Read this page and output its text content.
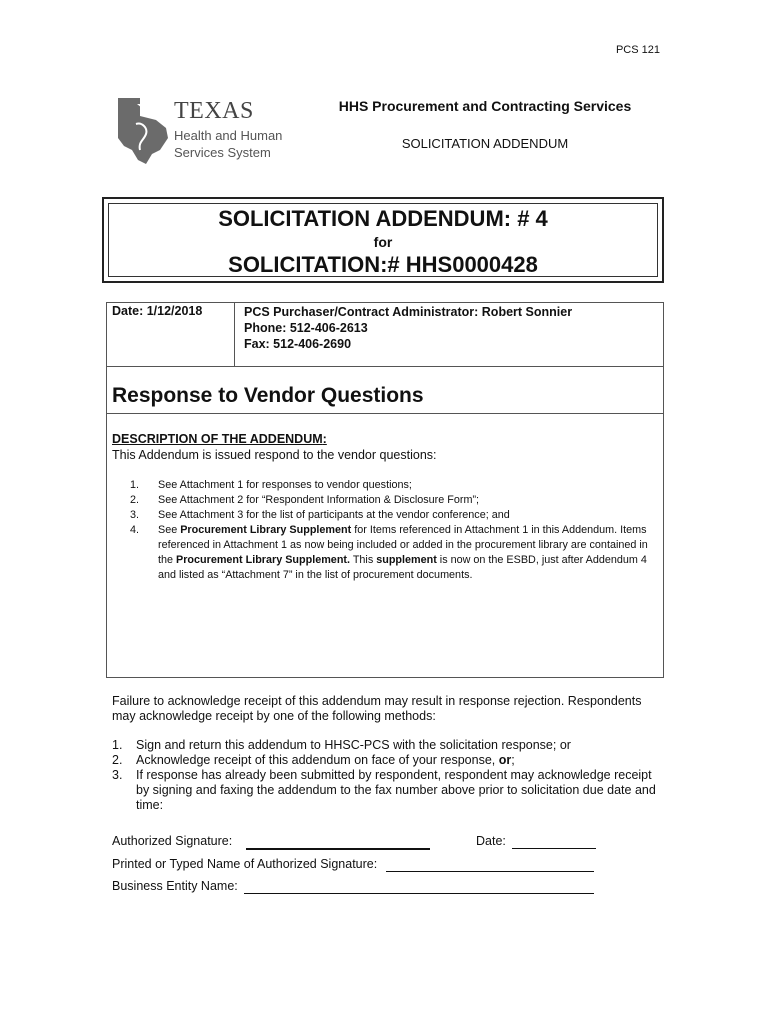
PCS 121
TEXAS
Health and Human
Services System
HHS Procurement and Contracting Services
SOLICITATION ADDENDUM
SOLICITATION ADDENDUM: # 4
for
SOLICITATION:# HHS0000428
Date: 1/12/2018	PCS Purchaser/Contract Administrator: Robert Sonnier
Phone: 512-406-2613
Fax: 512-406-2690
Response to Vendor Questions
DESCRIPTION OF THE ADDENDUM:
This Addendum is issued respond to the vendor questions:
1.	See Attachment 1 for responses to vendor questions;
2.	See Attachment 2 for “Respondent Information & Disclosure Form”;
3.	See Attachment 3 for the list of participants at the vendor conference; and
4.	See Procurement Library Supplement for Items referenced in Attachment 1 in this Addendum. Items referenced in Attachment 1 as now being included or added in the procurement library are contained in the Procurement Library Supplement. This supplement is now on the ESBD, just after Addendum 4 and listed as “Attachment 7” in the list of procurement documents.
Failure to acknowledge receipt of this addendum may result in response rejection. Respondents may acknowledge receipt by one of the following methods:
1.	Sign and return this addendum to HHSC-PCS with the solicitation response; or
2.	Acknowledge receipt of this addendum on face of your response, or;
3.	If response has already been submitted by respondent, respondent may acknowledge receipt by signing and faxing the addendum to the fax number above prior to solicitation due date and time:
Authorized Signature:	Date:
Printed or Typed Name of Authorized Signature:
Business Entity Name:
